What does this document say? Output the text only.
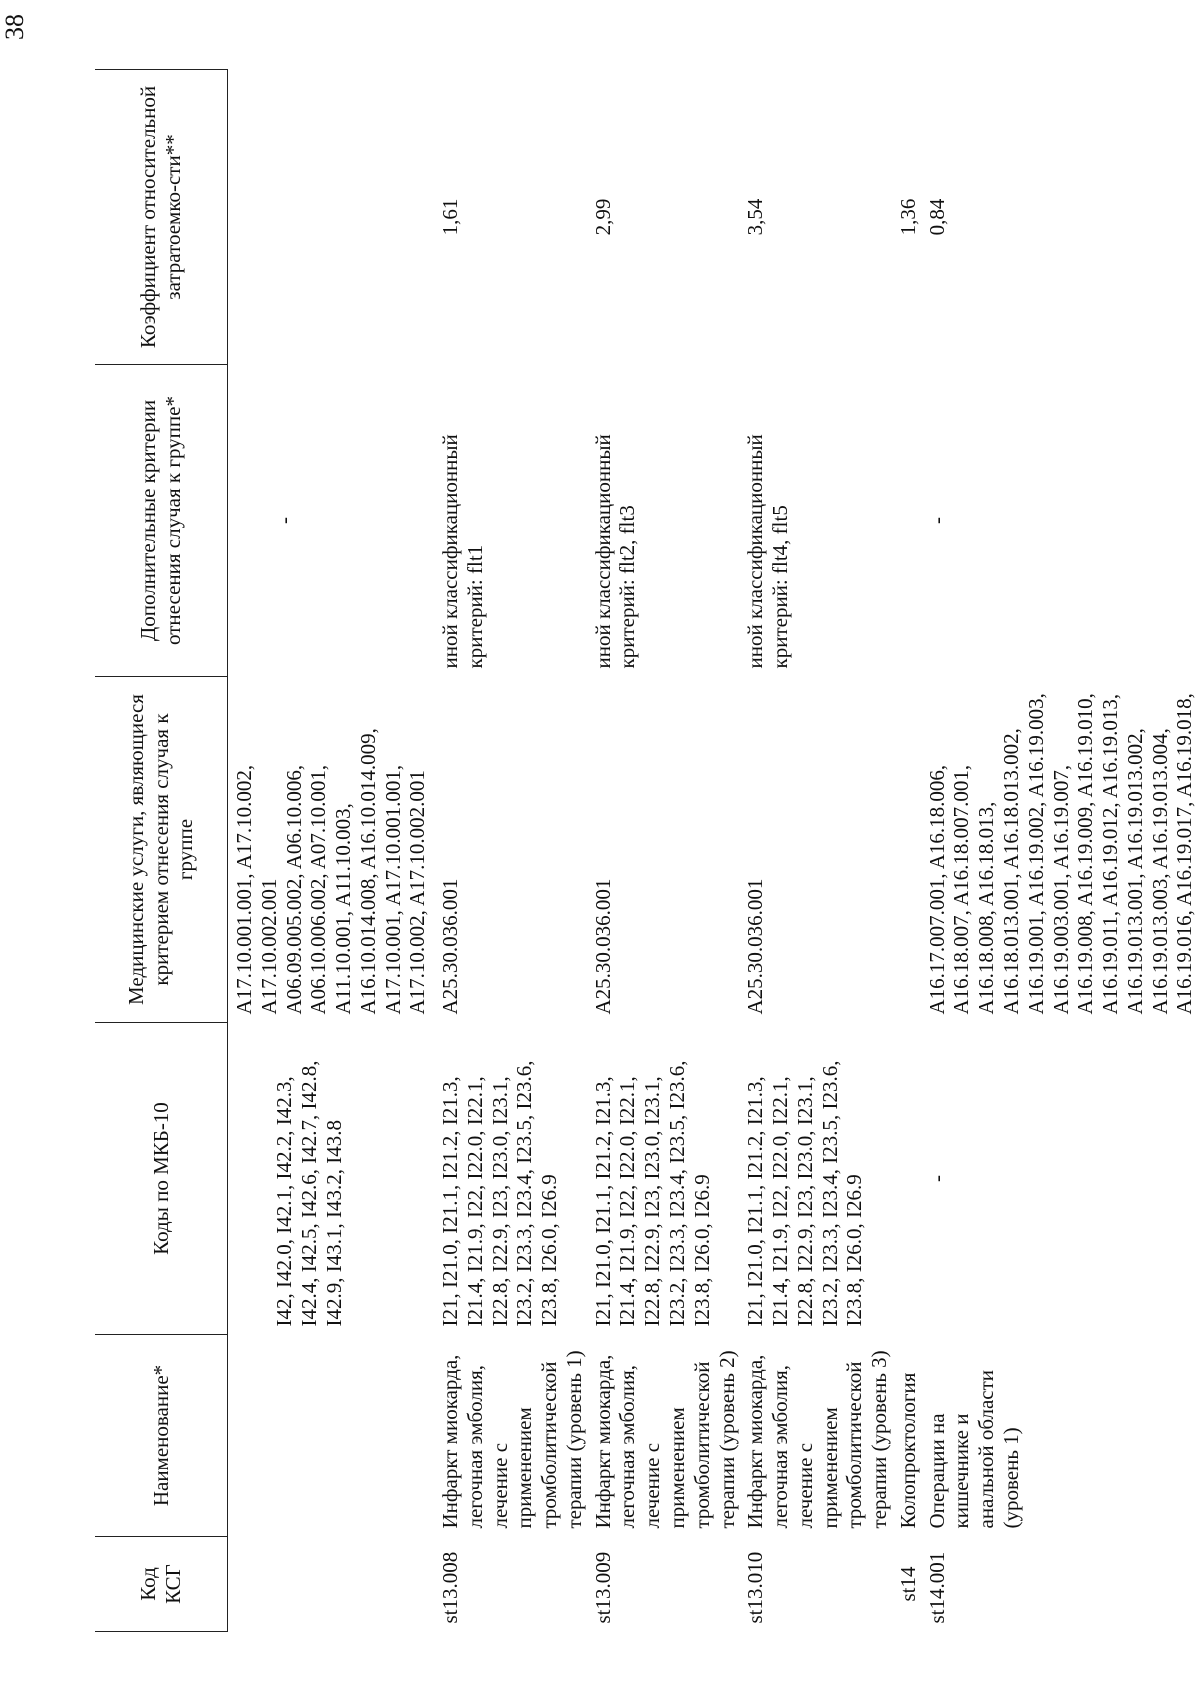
38
Код КСГ	Наименование*	Коды по МКБ-10	Медицинские услуги, являющиеся критерием отнесения случая к группе	Дополнительные критерии отнесения случая к группе*	Коэффициент относительной затратоемко-сти**
		I42, I42.0, I42.1, I42.2, I42.3, I42.4, I42.5, I42.6, I42.7, I42.8, I42.9, I43.1, I43.2, I43.8	A17.10.001.001, A17.10.002, A17.10.002.001 A06.09.005.002, A06.10.006, A06.10.006.002, A07.10.001, A11.10.001, A11.10.003, A16.10.014.008, A16.10.014.009, A17.10.001, A17.10.001.001, A17.10.002, A17.10.002.001	-	
st13.008	Инфаркт миокарда, легочная эмболия, лечение с применением тромболитической терапии (уровень 1)	I21, I21.0, I21.1, I21.2, I21.3, I21.4, I21.9, I22, I22.0, I22.1, I22.8, I22.9, I23, I23.0, I23.1, I23.2, I23.3, I23.4, I23.5, I23.6, I23.8, I26.0, I26.9	A25.30.036.001	иной классификационный критерий: flt1	1,61
st13.009	Инфаркт миокарда, легочная эмболия, лечение с применением тромболитической терапии (уровень 2)	I21, I21.0, I21.1, I21.2, I21.3, I21.4, I21.9, I22, I22.0, I22.1, I22.8, I22.9, I23, I23.0, I23.1, I23.2, I23.3, I23.4, I23.5, I23.6, I23.8, I26.0, I26.9	A25.30.036.001	иной классификационный критерий: flt2, flt3	2,99
st13.010	Инфаркт миокарда, легочная эмболия, лечение с применением тромболитической терапии (уровень 3)	I21, I21.0, I21.1, I21.2, I21.3, I21.4, I21.9, I22, I22.0, I22.1, I22.8, I22.9, I23, I23.0, I23.1, I23.2, I23.3, I23.4, I23.5, I23.6, I23.8, I26.0, I26.9	A25.30.036.001	иной классификационный критерий: flt4, flt5	3,54
st14	Колопроктология				1,36
st14.001	Операции на кишечнике и анальной области (уровень 1)	-	A16.17.007.001, A16.18.006, A16.18.007, A16.18.007.001, A16.18.008, A16.18.013, A16.18.013.001, A16.18.013.002, A16.19.001, A16.19.002, A16.19.003, A16.19.003.001, A16.19.007, A16.19.008, A16.19.009, A16.19.010, A16.19.011, A16.19.012, A16.19.013, A16.19.013.001, A16.19.013.002, A16.19.013.003, A16.19.013.004, A16.19.016, A16.19.017, A16.19.018,	-	0,84
